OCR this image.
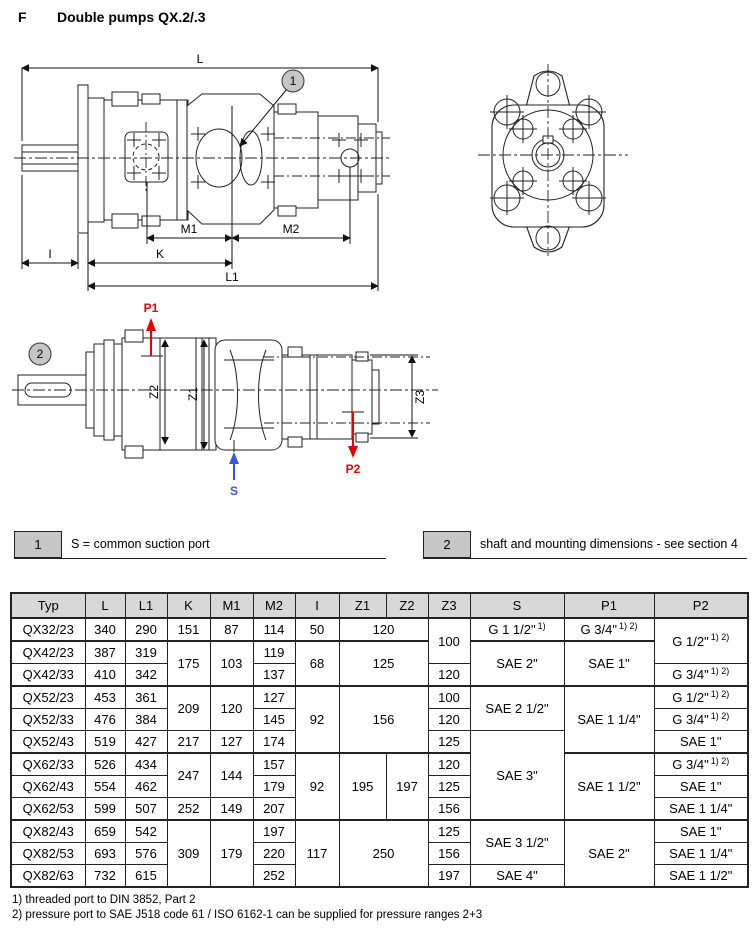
F Double pumps QX.2/.3
L
M1	M2
I	K
L1
1
Z2 Z1	Z3
P1
S
P2
2
1	S = common suction port	2	shaft and mounting dimensions - see section 4
Typ	L	L1	K	M1	M2	I	Z1	Z2	Z3	S	P1	P2
QX32/23	340	290	151	87	114	50	120		100	G 1 1/2" $^{1)}$	G 3/4" $^{1) 2)}$	G 1/2" $^{1) 2)}$
QX42/23	387	319	175	103	119	68	125			SAE 2"	SAE 1"	
QX42/33	410	342			137				120			G 3/4" $^{1) 2)}$
QX52/23	453	361	209	120	127	92	156		100	SAE 2 1/2"	SAE 1 1/4"	G 1/2" $^{1) 2)}$
QX52/33	476	384			145				120			G 3/4" $^{1) 2)}$
QX52/43	519	427	217	127	174				125	SAE 3"		SAE 1"
QX62/33	526	434	247	144	157	92	195	197	120		SAE 1 1/2"	G 3/4" $^{1) 2)}$
QX62/43	554	462			179				125			SAE 1"
QX62/53	599	507	252	149	207				156			SAE 1 1/4"
QX82/43	659	542	309	179	197	117	250		125	SAE 3 1/2"	SAE 2"	SAE 1"
QX82/53	693	576			220				156			SAE 1 1/4"
QX82/63	732	615			252				197	SAE 4"		SAE 1 1/2"
1) threaded port to DIN 3852, Part 2
2) pressure port to SAE J518 code 61 / ISO 6162-1 can be supplied for pressure ranges 2+3
